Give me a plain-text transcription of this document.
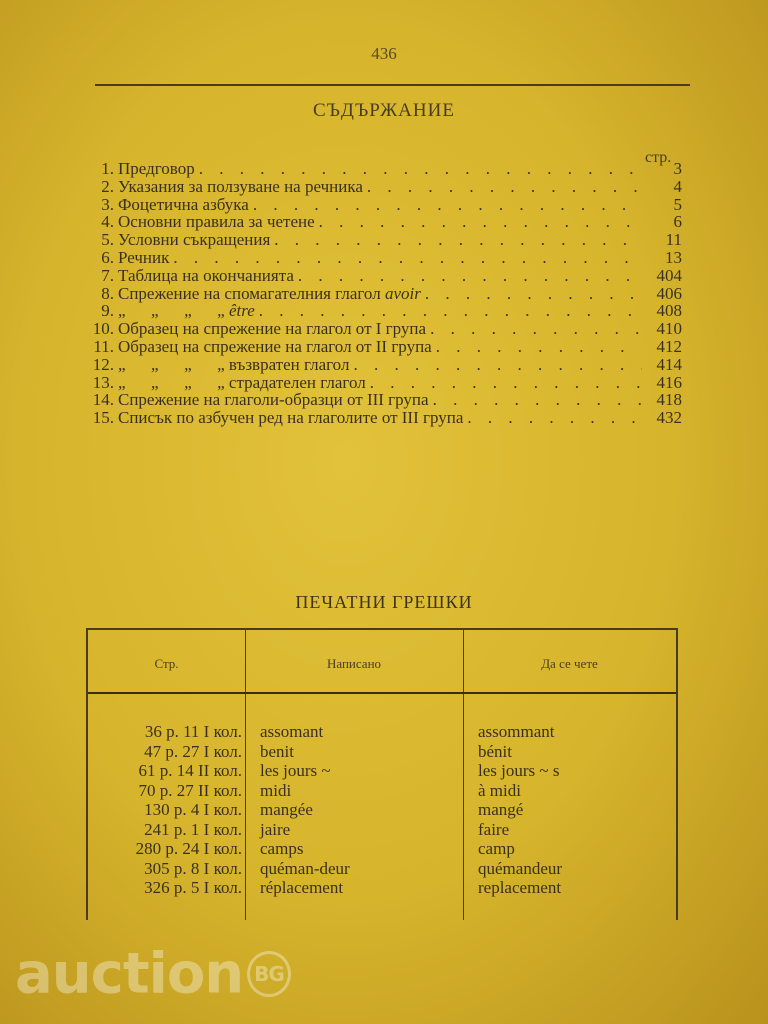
436
СЪДЪРЖАНИЕ
стр.
1. Предговор . . .	3
2. Указания за ползуване на речника . . .	4
3. Фоцетична азбука . . .	5
4. Основни правила за четене . . .	6
5. Условни съкращения . . .	11
6. Речник . . .	13
7. Таблица на окончанията . . .	404
8. Спрежение на спомагателния глагол avoir . . .	406
9. „      „      „      „ être . . .	408
10. Образец на спрежение на глагол от I група . . .	410
11. Образец на спрежение на глагол от II група . . .	412
12. „      „      „      „ възвратен глагол . . .	414
13. „      „      „      „ страдателен глагол . . .	416
14. Спрежение на глаголи-образци от III група . . .	418
15. Списък по азбучен ред на глаголите от III група . . .	432
ПЕЧАТНИ ГРЕШКИ
Стр.	Написано	Да се чете
36 р. 11 I кол. assomant	assommant
47 р. 27 I кол. benit	bénit
61 р. 14 II кол. les jours ~	les jours ~ s
70 р. 27 II кол. midi	à midi
130 р. 4 I кол. mangée	mangé
241 р. 1 I кол. jaire	faire
280 р. 24 I кол. camps	camp
305 р. 8 I кол. quéman-deur	quémandeur
326 р. 5 I кол. réplacement	replacement
auction BG
